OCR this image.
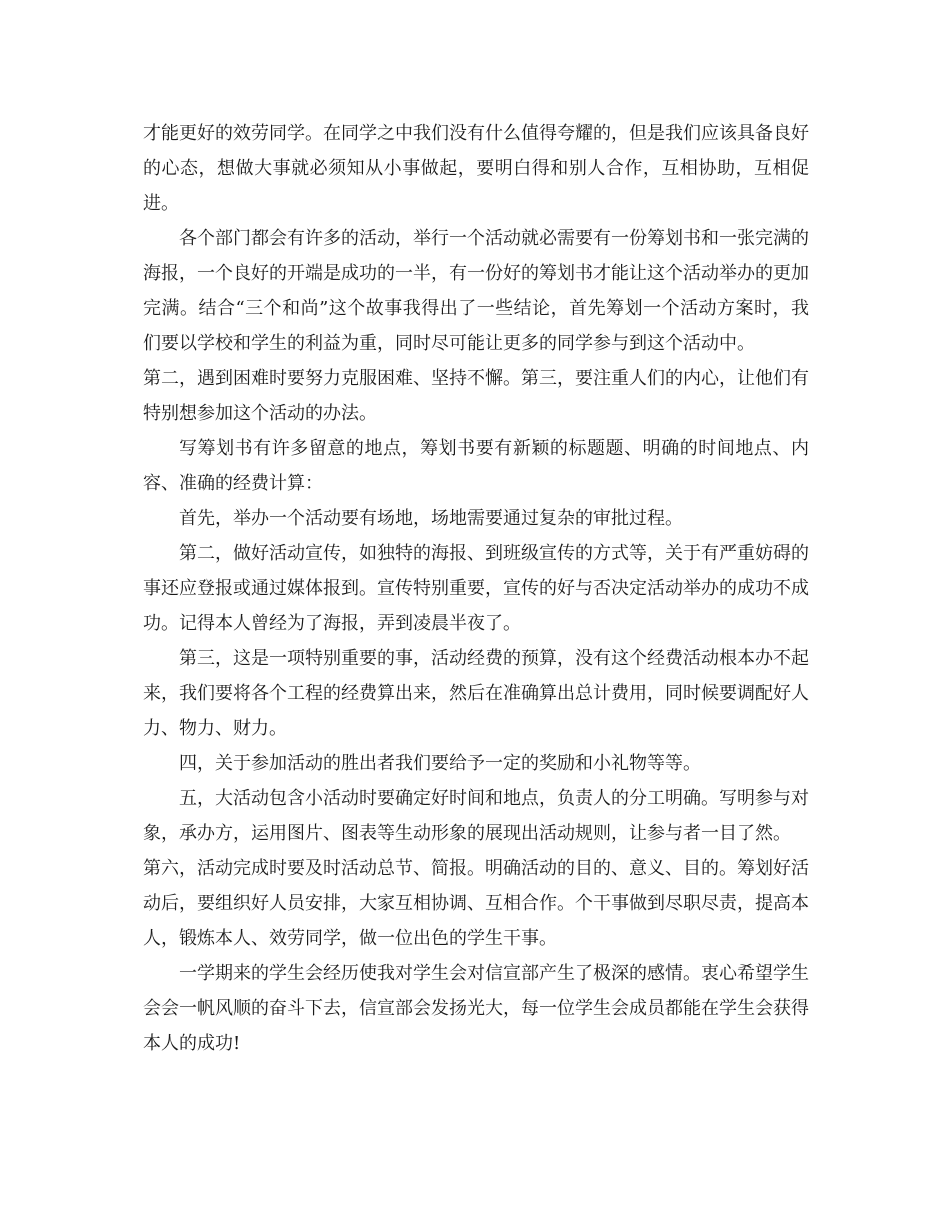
才能更好的效劳同学。在同学之中我们没有什么值得夸耀的，但是我们应该具备良好的心态，想做大事就必须知从小事做起，要明白得和别人合作，互相协助，互相促进。

各个部门都会有许多的活动，举行一个活动就必需要有一份筹划书和一张完满的海报，一个良好的开端是成功的一半，有一份好的筹划书才能让这个活动举办的更加完满。结合“三个和尚”这个故事我得出了一些结论，首先筹划一个活动方案时，我们要以学校和学生的利益为重，同时尽可能让更多的同学参与到这个活动中。

第二，遇到困难时要努力克服困难、坚持不懈。第三，要注重人们的内心，让他们有特别想参加这个活动的办法。

写筹划书有许多留意的地点，筹划书要有新颖的标题题、明确的时间地点、内容、准确的经费计算：

首先，举办一个活动要有场地，场地需要通过复杂的审批过程。

第二，做好活动宣传，如独特的海报、到班级宣传的方式等，关于有严重妨碍的事还应登报或通过媒体报到。宣传特别重要，宣传的好与否决定活动举办的成功不成功。记得本人曾经为了海报，弄到凌晨半夜了。

第三，这是一项特别重要的事，活动经费的预算，没有这个经费活动根本办不起来，我们要将各个工程的经费算出来，然后在准确算出总计费用，同时候要调配好人力、物力、财力。

四，关于参加活动的胜出者我们要给予一定的奖励和小礼物等等。

五，大活动包含小活动时要确定好时间和地点，负责人的分工明确。写明参与对象，承办方，运用图片、图表等生动形象的展现出活动规则，让参与者一目了然。

第六，活动完成时要及时活动总节、简报。明确活动的目的、意义、目的。筹划好活动后，要组织好人员安排，大家互相协调、互相合作。个干事做到尽职尽责，提高本人，锻炼本人、效劳同学，做一位出色的学生干事。

一学期来的学生会经历使我对学生会对信宣部产生了极深的感情。衷心希望学生会会一帆风顺的奋斗下去，信宣部会发扬光大，每一位学生会成员都能在学生会获得本人的成功!
